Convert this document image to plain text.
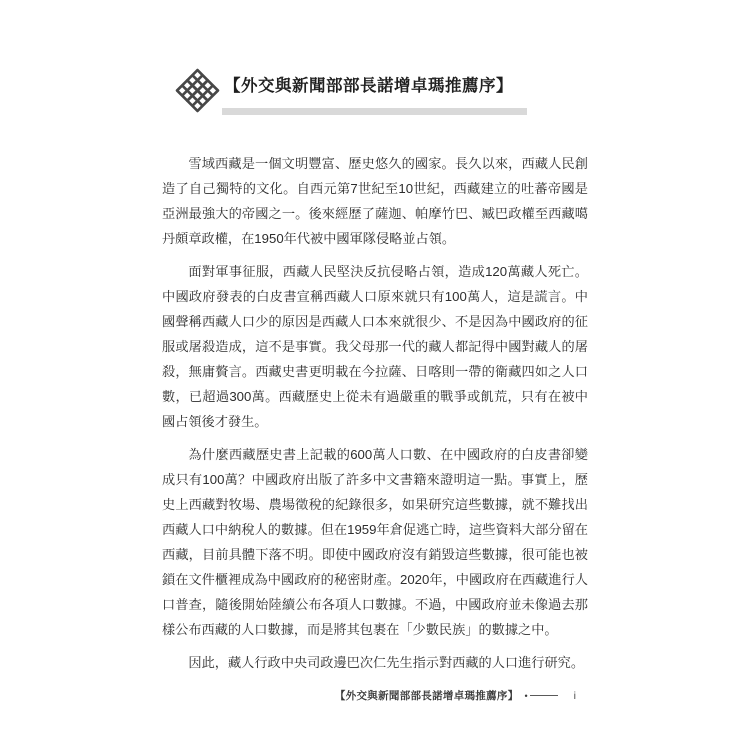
【外交與新聞部部長諾增卓瑪推薦序】
雪域西藏是一個文明豐富、歷史悠久的國家。長久以來，西藏人民創
造了自己獨特的文化。自西元第7世紀至10世紀，西藏建立的吐蕃帝國是
亞洲最強大的帝國之一。後來經歷了薩迦、帕摩竹巴、臧巴政權至西藏噶
丹頗章政權，在1950年代被中國軍隊侵略並占領。
面對軍事征服，西藏人民堅決反抗侵略占領，造成120萬藏人死亡。
中國政府發表的白皮書宣稱西藏人口原來就只有100萬人，這是謊言。中
國聲稱西藏人口少的原因是西藏人口本來就很少、不是因為中國政府的征
服或屠殺造成，這不是事實。我父母那一代的藏人都記得中國對藏人的屠
殺，無庸贅言。西藏史書更明載在今拉薩、日喀則一帶的衛藏四如之人口
數，已超過300萬。西藏歷史上從未有過嚴重的戰爭或飢荒，只有在被中
國占領後才發生。
為什麼西藏歷史書上記載的600萬人口數、在中國政府的白皮書卻變
成只有100萬？中國政府出版了許多中文書籍來證明這一點。事實上，歷
史上西藏對牧場、農場徵稅的紀錄很多，如果研究這些數據，就不難找出
西藏人口中納稅人的數據。但在1959年倉促逃亡時，這些資料大部分留在
西藏，目前具體下落不明。即使中國政府沒有銷毀這些數據，很可能也被
鎖在文件櫃裡成為中國政府的秘密財產。2020年，中國政府在西藏進行人
口普查，隨後開始陸續公布各項人口數據。不過，中國政府並未像過去那
樣公布西藏的人口數據，而是將其包裹在「少數民族」的數據之中。
因此，藏人行政中央司政邊巴次仁先生指示對西藏的人口進行研究。
【外交與新聞部部長諾增卓瑪推薦序】 •	i
